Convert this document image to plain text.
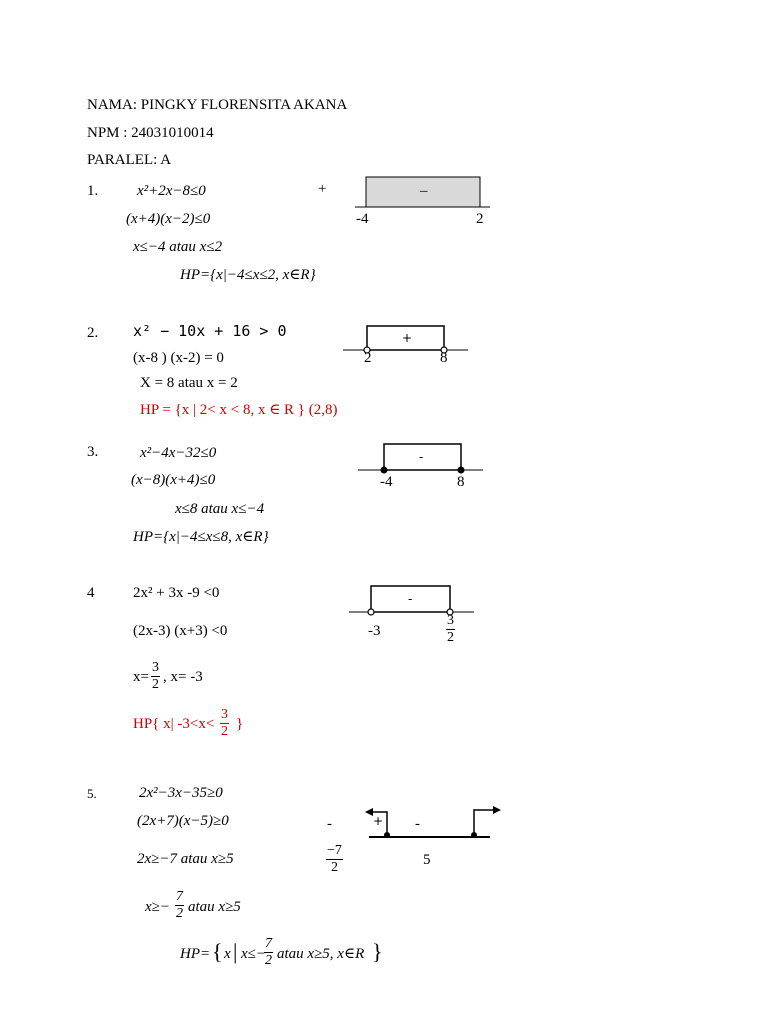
NAMA: PINGKY FLORENSITA AKANA
NPM : 24031010014
PARALEL: A
1.	x²+2x−8≤0
(x+4)(x−2)≤0
x≤−4 atau x≤2
HP={x|−4≤x≤2, x∈R}
+	–
-4	2
2. x² − 10x + 16 > 0
(x-8 ) (x-2) = 0
X = 8 atau x = 2
HP = {x | 2< x < 8, x ∈ R } (2,8)
+
2	8
3.	x²−4x−32≤0
(x−8)(x+4)≤0
x≤8 atau x≤−4
HP={x|−4≤x≤8, x∈R}
-
-4	8
4	2x² + 3x -9 <0
(2x-3) (x+3) <0
x=
3
2 , x= -3
HP{ x| -3<x<
3
2 }
-
-3
3
2
5.	2x²−3x−35≥0
(2x+7)(x−5)≥0
2x≥−7 atau x≥5
x≥−
7
2 atau x≥5
HP= { x | x≤−
7
2 atau x≥5, x∈R }
-	+ -
−7
2	5
